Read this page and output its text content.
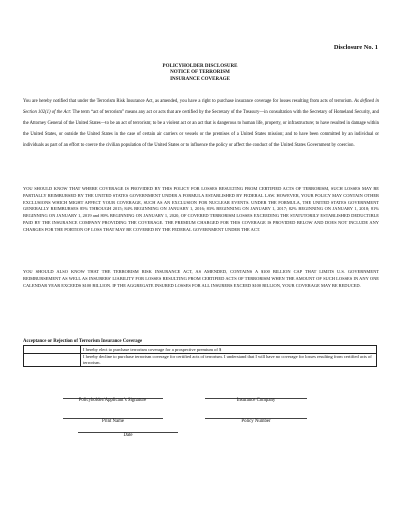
Disclosure No. 1
POLICYHOLDER DISCLOSURE
NOTICE OF TERRORISM
INSURANCE COVERAGE
You are hereby notified that under the Terrorism Risk Insurance Act, as amended, you have a right to purchase insurance coverage for losses resulting from acts of terrorism. As defined in Section 102(1) of the Act: The term “act of terrorism” means any act or acts that are certified by the Secretary of the Treasury—in consultation with the Secretary of Homeland Security, and the Attorney General of the United States—to be an act of terrorism; to be a violent act or an act that is dangerous to human life, property, or infrastructure; to have resulted in damage within the United States, or outside the United States in the case of certain air carriers or vessels or the premises of a United States mission; and to have been committed by an individual or individuals as part of an effort to coerce the civilian population of the United States or to influence the policy or affect the conduct of the United States Government by coercion.
YOU SHOULD KNOW THAT WHERE COVERAGE IS PROVIDED BY THIS POLICY FOR LOSSES RESULTING FROM CERTIFIED ACTS OF TERRORISM, SUCH LOSSES MAY BE PARTIALLY REIMBURSED BY THE UNITED STATES GOVERNMENT UNDER A FORMULA ESTABLISHED BY FEDERAL LAW. HOWEVER, YOUR POLICY MAY CONTAIN OTHER EXCLUSIONS WHICH MIGHT AFFECT YOUR COVERAGE, SUCH AS AN EXCLUSION FOR NUCLEAR EVENTS. UNDER THE FORMULA, THE UNITED STATES GOVERNMENT GENERALLY REIMBURSES 85% THROUGH 2015; 84% BEGINNING ON JANUARY 1, 2016; 83% BEGINNING ON JANUARY 1, 2017; 82% BEGINNING ON JANUARY 1, 2018; 81% BEGINNING ON JANUARY 1, 2019 and 80% BEGINNING ON JANUARY 1, 2020, OF COVERED TERRORISM LOSSES EXCEEDING THE STATUTORILY ESTABLISHED DEDUCTIBLE PAID BY THE INSURANCE COMPANY PROVIDING THE COVERAGE. THE PREMIUM CHARGED FOR THIS COVERAGE IS PROVIDED BELOW AND DOES NOT INCLUDE ANY CHARGES FOR THE PORTION OF LOSS THAT MAY BE COVERED BY THE FEDERAL GOVERNMENT UNDER THE ACT.
YOU SHOULD ALSO KNOW THAT THE TERRORISM RISK INSURANCE ACT, AS AMENDED, CONTAINS A $100 BILLION CAP THAT LIMITS U.S. GOVERNMENT REIMBURSEMENT AS WELL AS INSURERS' LIABILITY FOR LOSSES RESULTING FROM CERTIFIED ACTS OF TERRORISM WHEN THE AMOUNT OF SUCH LOSSES IN ANY ONE CALENDAR YEAR EXCEEDS $100 BILLION. IF THE AGGREGATE INSURED LOSSES FOR ALL INSURERS EXCEED $100 BILLION, YOUR COVERAGE MAY BE REDUCED.
Acceptance or Rejection of Terrorism Insurance Coverage
	I hereby elect to purchase terrorism coverage for a prospective premium of $
	I hereby decline to purchase terrorism coverage for certified acts of terrorism. I understand that I will have no coverage for losses resulting from certified acts of terrorism.
Policyholder/Applicant’s Signature	Insurance Company
Print Name	Policy Number
Date
